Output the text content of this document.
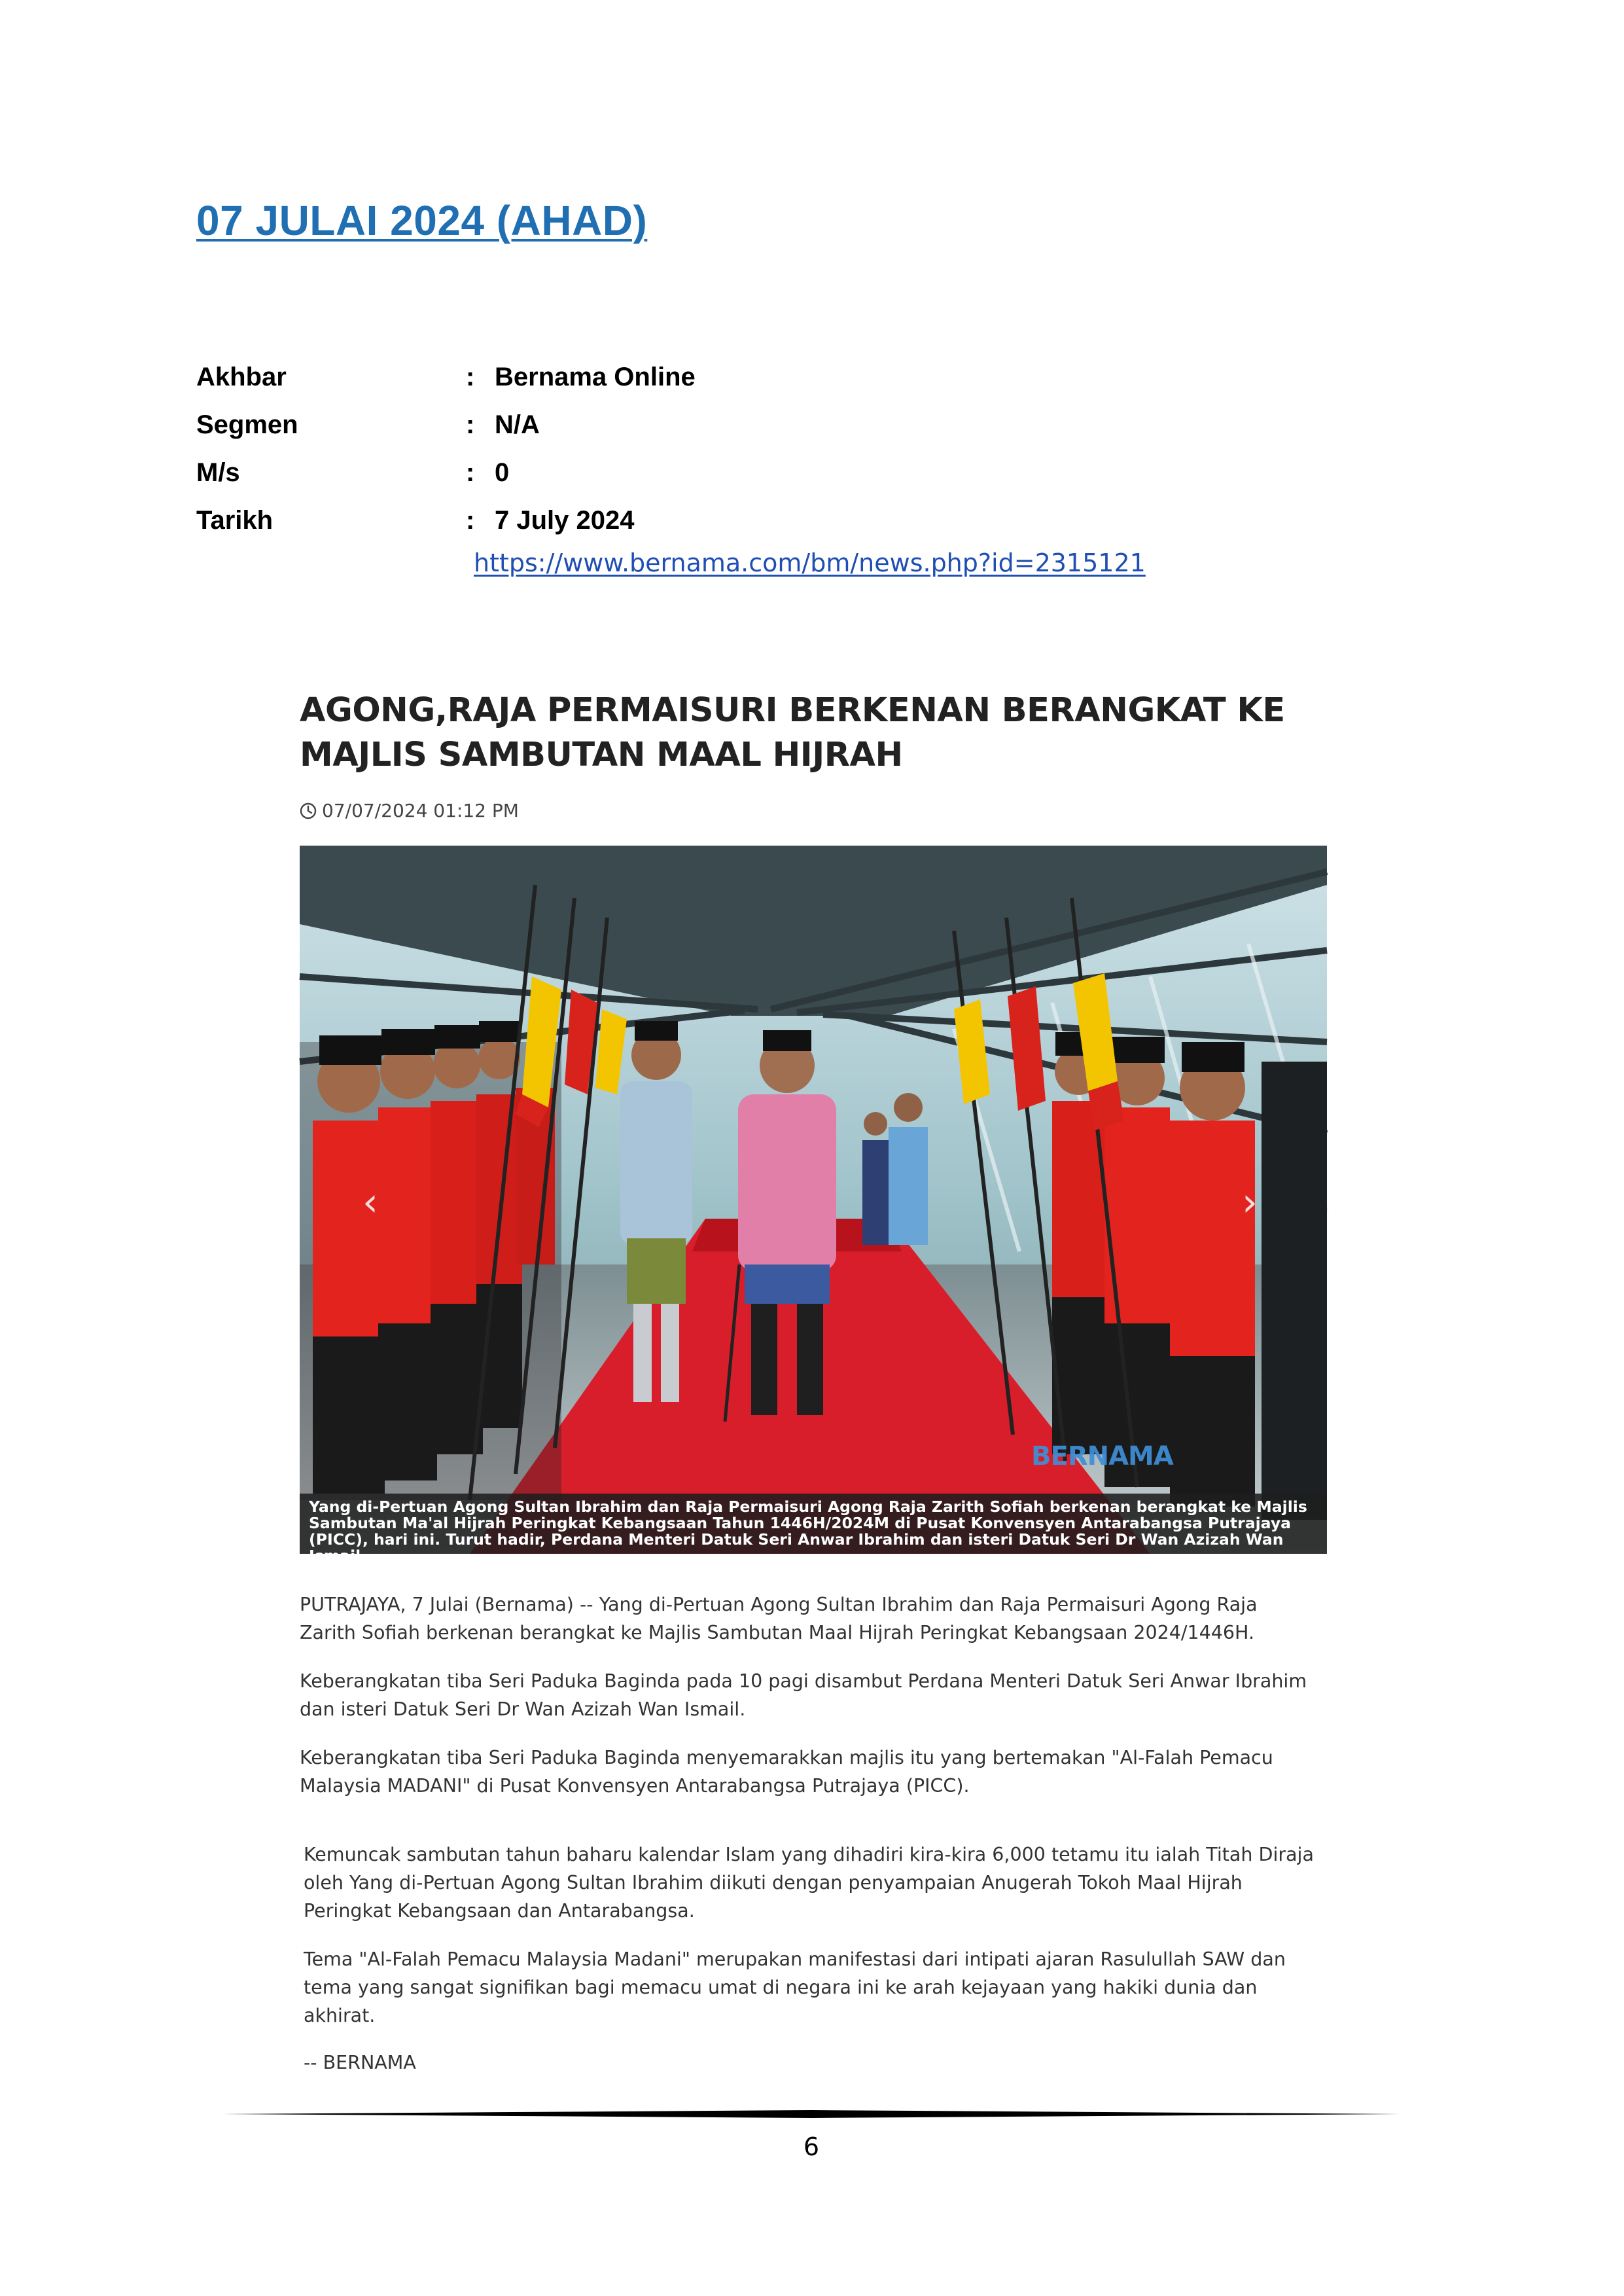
07 JULAI 2024 (AHAD)
Akhbar	: Bernama Online
Segmen	: N/A
M/s	: 0
Tarikh	: 7 July 2024
https://www.bernama.com/bm/news.php?id=2315121
AGONG,RAJA PERMAISURI BERKENAN BERANGKAT KE
MAJLIS SAMBUTAN MAAL HIJRAH
07/07/2024 01:12 PM
BERNAMA
‹	›
Yang di-Pertuan Agong Sultan Ibrahim dan Raja Permaisuri Agong Raja Zarith Sofiah berkenan berangkat ke Majlis
Sambutan Ma'al Hijrah Peringkat Kebangsaan Tahun 1446H/2024M di Pusat Konvensyen Antarabangsa Putrajaya
(PICC), hari ini. Turut hadir, Perdana Menteri Datuk Seri Anwar Ibrahim dan isteri Datuk Seri Dr Wan Azizah Wan Ismail.

PUTRAJAYA, 7 Julai (Bernama) -- Yang di-Pertuan Agong Sultan Ibrahim dan Raja Permaisuri Agong Raja
Zarith Sofiah berkenan berangkat ke Majlis Sambutan Maal Hijrah Peringkat Kebangsaan 2024/1446H.

Keberangkatan tiba Seri Paduka Baginda pada 10 pagi disambut Perdana Menteri Datuk Seri Anwar Ibrahim
dan isteri Datuk Seri Dr Wan Azizah Wan Ismail.

Keberangkatan tiba Seri Paduka Baginda menyemarakkan majlis itu yang bertemakan "Al-Falah Pemacu
Malaysia MADANI" di Pusat Konvensyen Antarabangsa Putrajaya (PICC).

Kemuncak sambutan tahun baharu kalendar Islam yang dihadiri kira-kira 6,000 tetamu itu ialah Titah Diraja
oleh Yang di-Pertuan Agong Sultan Ibrahim diikuti dengan penyampaian Anugerah Tokoh Maal Hijrah
Peringkat Kebangsaan dan Antarabangsa.

Tema "Al-Falah Pemacu Malaysia Madani" merupakan manifestasi dari intipati ajaran Rasulullah SAW dan
tema yang sangat signifikan bagi memacu umat di negara ini ke arah kejayaan yang hakiki dunia dan
akhirat.

-- BERNAMA

6
